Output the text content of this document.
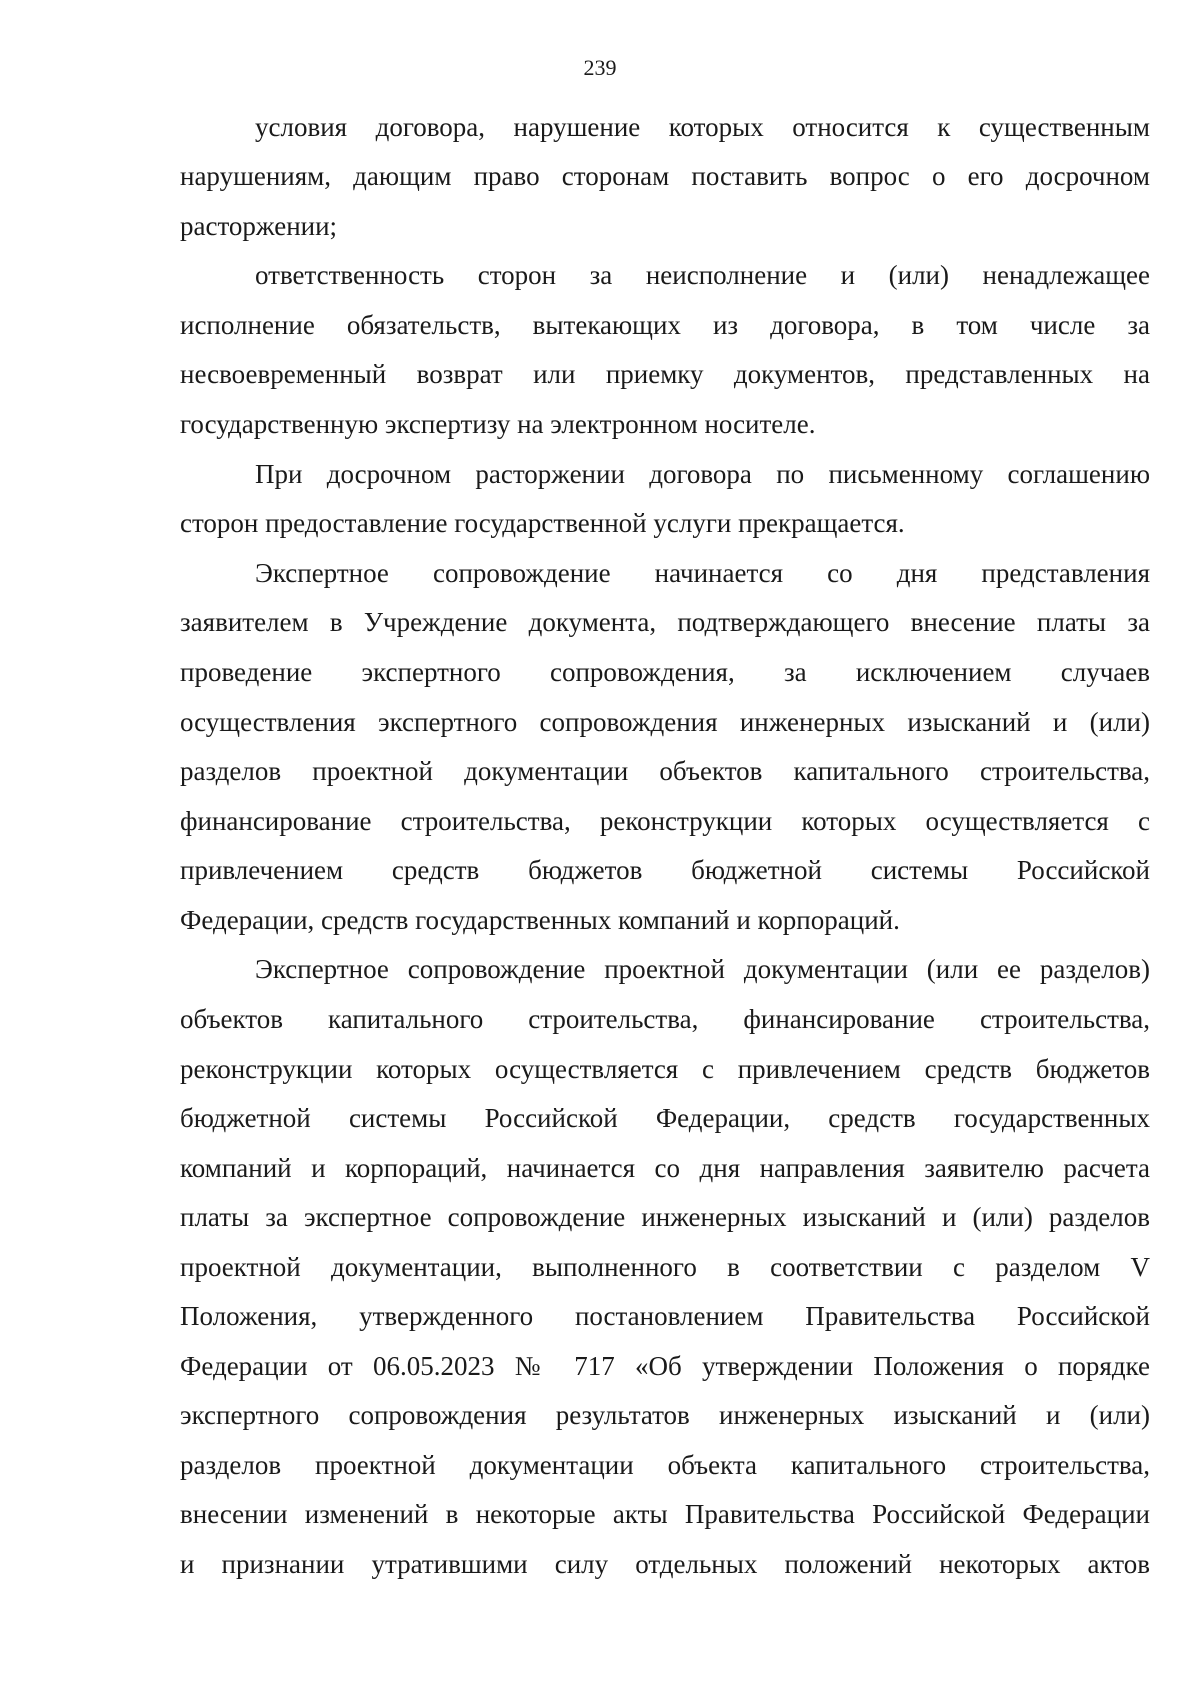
239
условия договора, нарушение которых относится к существенным
нарушениям, дающим право сторонам поставить вопрос о его досрочном
расторжении;
ответственность сторон за неисполнение и (или) ненадлежащее
исполнение обязательств, вытекающих из договора, в том числе за
несвоевременный возврат или приемку документов, представленных на
государственную экспертизу на электронном носителе.
При досрочном расторжении договора по письменному соглашению
сторон предоставление государственной услуги прекращается.
Экспертное сопровождение начинается со дня представления
заявителем в Учреждение документа, подтверждающего внесение платы за
проведение экспертного сопровождения, за исключением случаев
осуществления экспертного сопровождения инженерных изысканий и (или)
разделов проектной документации объектов капитального строительства,
финансирование строительства, реконструкции которых осуществляется с
привлечением средств бюджетов бюджетной системы Российской
Федерации, средств государственных компаний и корпораций.
Экспертное сопровождение проектной документации (или ее разделов)
объектов капитального строительства, финансирование строительства,
реконструкции которых осуществляется с привлечением средств бюджетов
бюджетной системы Российской Федерации, средств государственных
компаний и корпораций, начинается со дня направления заявителю расчета
платы за экспертное сопровождение инженерных изысканий и (или) разделов
проектной документации, выполненного в соответствии с разделом V
Положения, утвержденного постановлением Правительства Российской
Федерации от 06.05.2023 № 717 «Об утверждении Положения о порядке
экспертного сопровождения результатов инженерных изысканий и (или)
разделов проектной документации объекта капитального строительства,
внесении изменений в некоторые акты Правительства Российской Федерации
и признании утратившими силу отдельных положений некоторых актов
